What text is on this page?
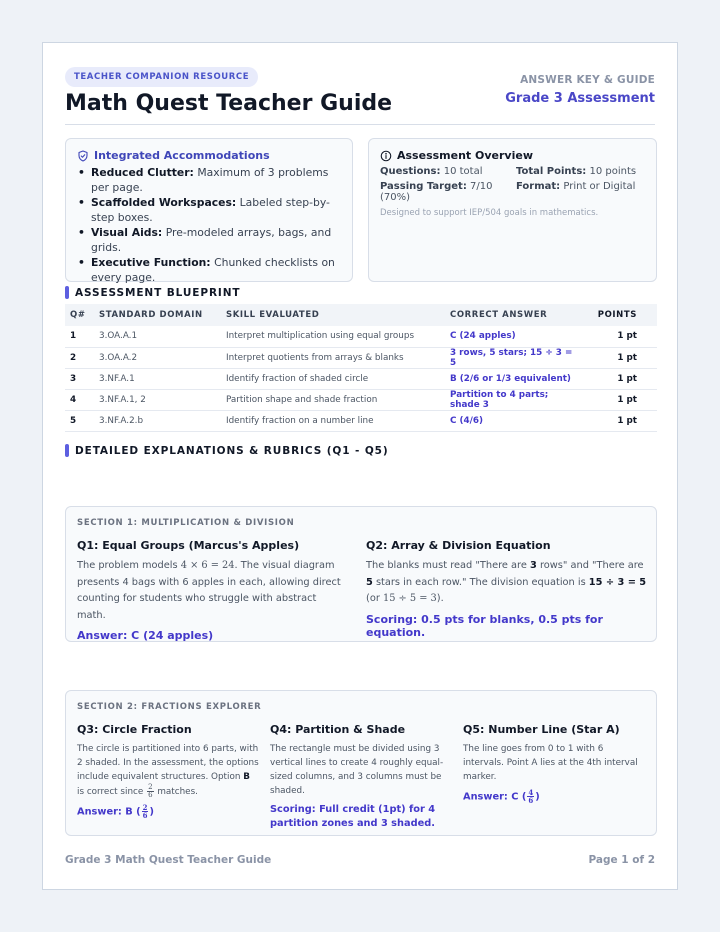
TEACHER COMPANION RESOURCE
Math Quest Teacher Guide
ANSWER KEY & GUIDE
Grade 3 Assessment
Integrated Accommodations
• Reduced Clutter: Maximum of 3 problems per page.
• Scaffolded Workspaces: Labeled step-by-step boxes.
• Visual Aids: Pre-modeled arrays, bags, and grids.
• Executive Function: Chunked checklists on every page.
Assessment Overview
Questions: 10 total	Total Points: 10 points
Passing Target: 7/10 (70%)
Format: Print or Digital
Designed to support IEP/504 goals in mathematics.
ASSESSMENT BLUEPRINT
Q#	STANDARD DOMAIN	SKILL EVALUATED	CORRECT ANSWER	POINTS
1	3.OA.A.1	Interpret multiplication using equal groups	C (24 apples)	1 pt
2	3.OA.A.2	Interpret quotients from arrays & blanks	3 rows, 5 stars; 15 ÷ 3 = 5	1 pt
3	3.NF.A.1	Identify fraction of shaded circle	B (2/6 or 1/3 equivalent)	1 pt
4	3.NF.A.1, 2	Partition shape and shade fraction	Partition to 4 parts; shade 3	1 pt
5	3.NF.A.2.b	Identify fraction on a number line	C (4/6)	1 pt
DETAILED EXPLANATIONS & RUBRICS (Q1 - Q5)
SECTION 1: MULTIPLICATION & DIVISION
Q1: Equal Groups (Marcus's Apples)
The problem models 4 × 6 = 24. The visual diagram presents 4 bags with 6 apples in each, allowing direct counting for students who struggle with abstract math.
Answer: C (24 apples)
Q2: Array & Division Equation
The blanks must read "There are 3 rows" and "There are 5 stars in each row." The division equation is 15 ÷ 3 = 5 (or 15 ÷ 5 = 3).
Scoring: 0.5 pts for blanks, 0.5 pts for equation.
SECTION 2: FRACTIONS EXPLORER
Q3: Circle Fraction
The circle is partitioned into 6 parts, with 2 shaded. In the assessment, the options include equivalent structures. Option B is correct since $\frac{2}{6}$ matches.
Answer: B ( $\frac{2}{6}$ )
Q4: Partition & Shade
The rectangle must be divided using 3 vertical lines to create 4 roughly equal-sized columns, and 3 columns must be shaded.
Scoring: Full credit (1pt) for 4 partition zones and 3 shaded.
Q5: Number Line (Star A)
The line goes from 0 to 1 with 6 intervals. Point A lies at the 4th interval marker.
Answer: C ( $\frac{4}{6}$ )
Grade 3 Math Quest Teacher Guide	Page 1 of 2
